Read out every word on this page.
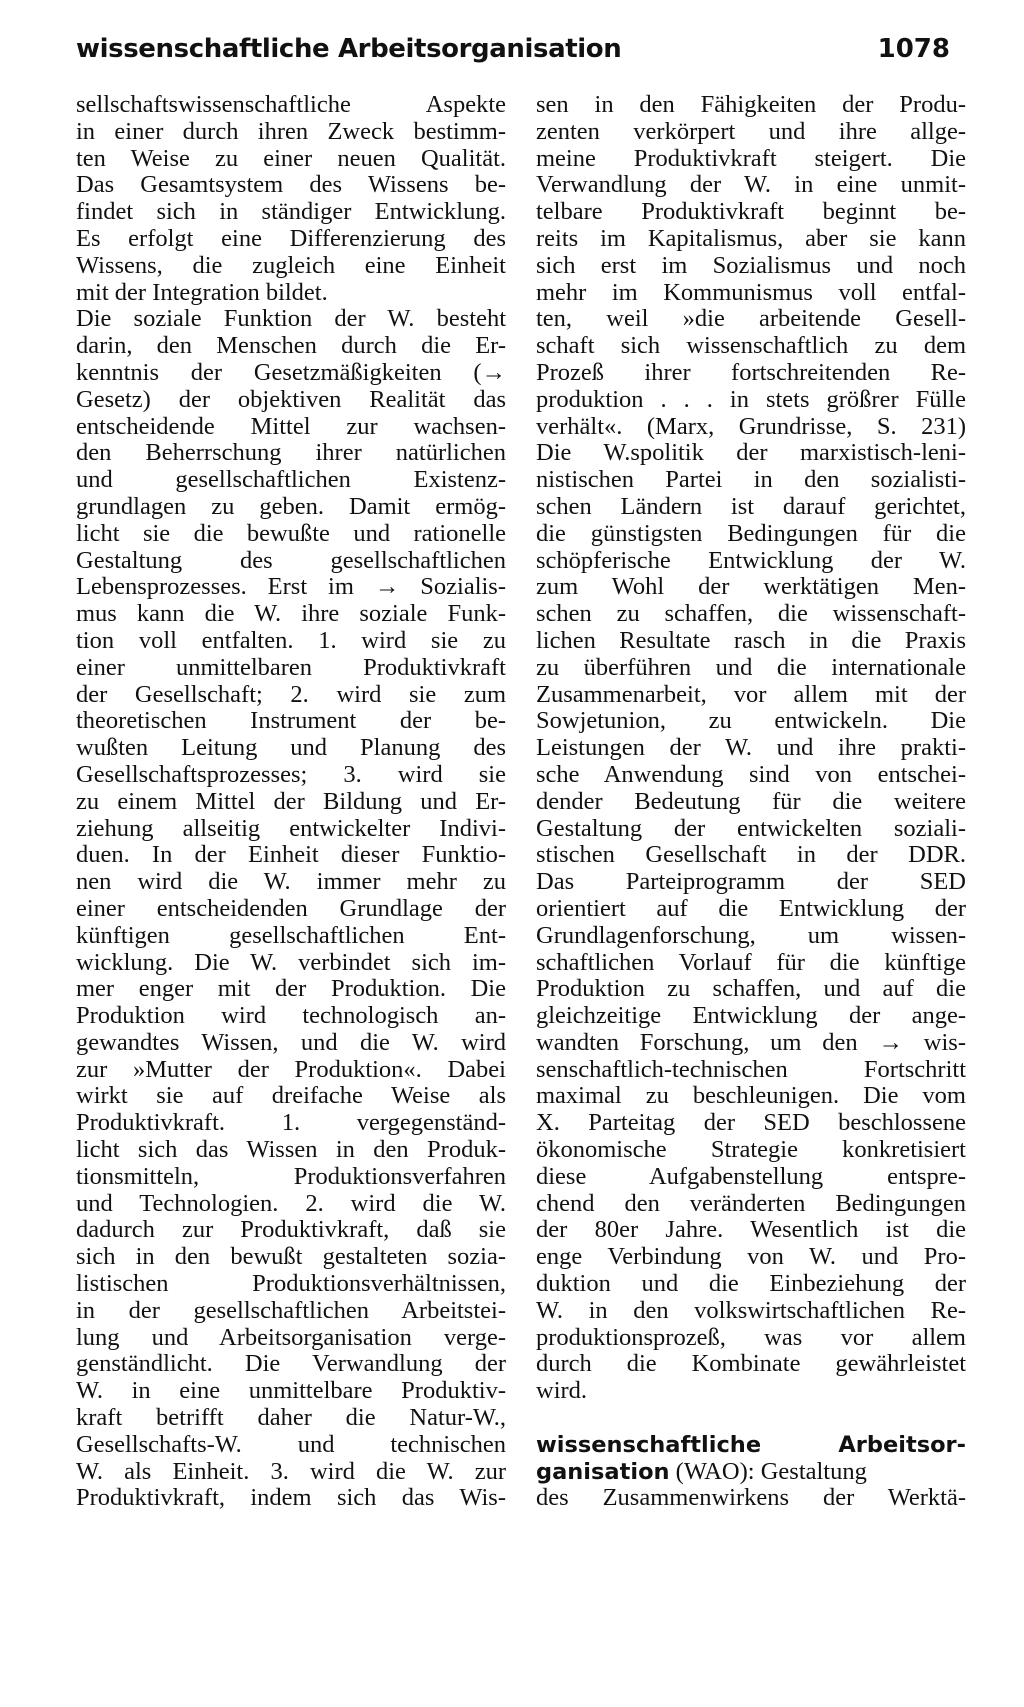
wissenschaftliche Arbeitsorganisation	1078
sellschaftswissenschaftliche Aspekte
in einer durch ihren Zweck bestimm-
ten Weise zu einer neuen Qualität.
Das Gesamtsystem des Wissens be-
findet sich in ständiger Entwicklung.
Es erfolgt eine Differenzierung des
Wissens, die zugleich eine Einheit
mit der Integration bildet.
Die soziale Funktion der W. besteht
darin, den Menschen durch die Er-
kenntnis der Gesetzmäßigkeiten (→
Gesetz) der objektiven Realität das
entscheidende Mittel zur wachsen-
den Beherrschung ihrer natürlichen
und gesellschaftlichen Existenz-
grundlagen zu geben. Damit ermög-
licht sie die bewußte und rationelle
Gestaltung des gesellschaftlichen
Lebensprozesses. Erst im → Sozialis-
mus kann die W. ihre soziale Funk-
tion voll entfalten. 1. wird sie zu
einer unmittelbaren Produktivkraft
der Gesellschaft; 2. wird sie zum
theoretischen Instrument der be-
wußten Leitung und Planung des
Gesellschaftsprozesses; 3. wird sie
zu einem Mittel der Bildung und Er-
ziehung allseitig entwickelter Indivi-
duen. In der Einheit dieser Funktio-
nen wird die W. immer mehr zu
einer entscheidenden Grundlage der
künftigen gesellschaftlichen Ent-
wicklung. Die W. verbindet sich im-
mer enger mit der Produktion. Die
Produktion wird technologisch an-
gewandtes Wissen, und die W. wird
zur »Mutter der Produktion«. Dabei
wirkt sie auf dreifache Weise als
Produktivkraft. 1. vergegenständ-
licht sich das Wissen in den Produk-
tionsmitteln, Produktionsverfahren
und Technologien. 2. wird die W.
dadurch zur Produktivkraft, daß sie
sich in den bewußt gestalteten sozia-
listischen Produktionsverhältnissen,
in der gesellschaftlichen Arbeitstei-
lung und Arbeitsorganisation verge-
genständlicht. Die Verwandlung der
W. in eine unmittelbare Produktiv-
kraft betrifft daher die Natur-W.,
Gesellschafts-W. und technischen
W. als Einheit. 3. wird die W. zur
Produktivkraft, indem sich das Wis-
sen in den Fähigkeiten der Produ-
zenten verkörpert und ihre allge-
meine Produktivkraft steigert. Die
Verwandlung der W. in eine unmit-
telbare Produktivkraft beginnt be-
reits im Kapitalismus, aber sie kann
sich erst im Sozialismus und noch
mehr im Kommunismus voll entfal-
ten, weil »die arbeitende Gesell-
schaft sich wissenschaftlich zu dem
Prozeß ihrer fortschreitenden Re-
produktion . . . in stets größrer Fülle
verhält«. (Marx, Grundrisse, S. 231)
Die W.spolitik der marxistisch-leni-
nistischen Partei in den sozialisti-
schen Ländern ist darauf gerichtet,
die günstigsten Bedingungen für die
schöpferische Entwicklung der W.
zum Wohl der werktätigen Men-
schen zu schaffen, die wissenschaft-
lichen Resultate rasch in die Praxis
zu überführen und die internationale
Zusammenarbeit, vor allem mit der
Sowjetunion, zu entwickeln. Die
Leistungen der W. und ihre prakti-
sche Anwendung sind von entschei-
dender Bedeutung für die weitere
Gestaltung der entwickelten soziali-
stischen Gesellschaft in der DDR.
Das Parteiprogramm der SED
orientiert auf die Entwicklung der
Grundlagenforschung, um wissen-
schaftlichen Vorlauf für die künftige
Produktion zu schaffen, und auf die
gleichzeitige Entwicklung der ange-
wandten Forschung, um den → wis-
senschaftlich-technischen Fortschritt
maximal zu beschleunigen. Die vom
X. Parteitag der SED beschlossene
ökonomische Strategie konkretisiert
diese Aufgabenstellung entspre-
chend den veränderten Bedingungen
der 80er Jahre. Wesentlich ist die
enge Verbindung von W. und Pro-
duktion und die Einbeziehung der
W. in den volkswirtschaftlichen Re-
produktionsprozeß, was vor allem
durch die Kombinate gewährleistet
wird.
wissenschaftliche Arbeitsor-
ganisation (WAO): Gestaltung
des Zusammenwirkens der Werktä-
